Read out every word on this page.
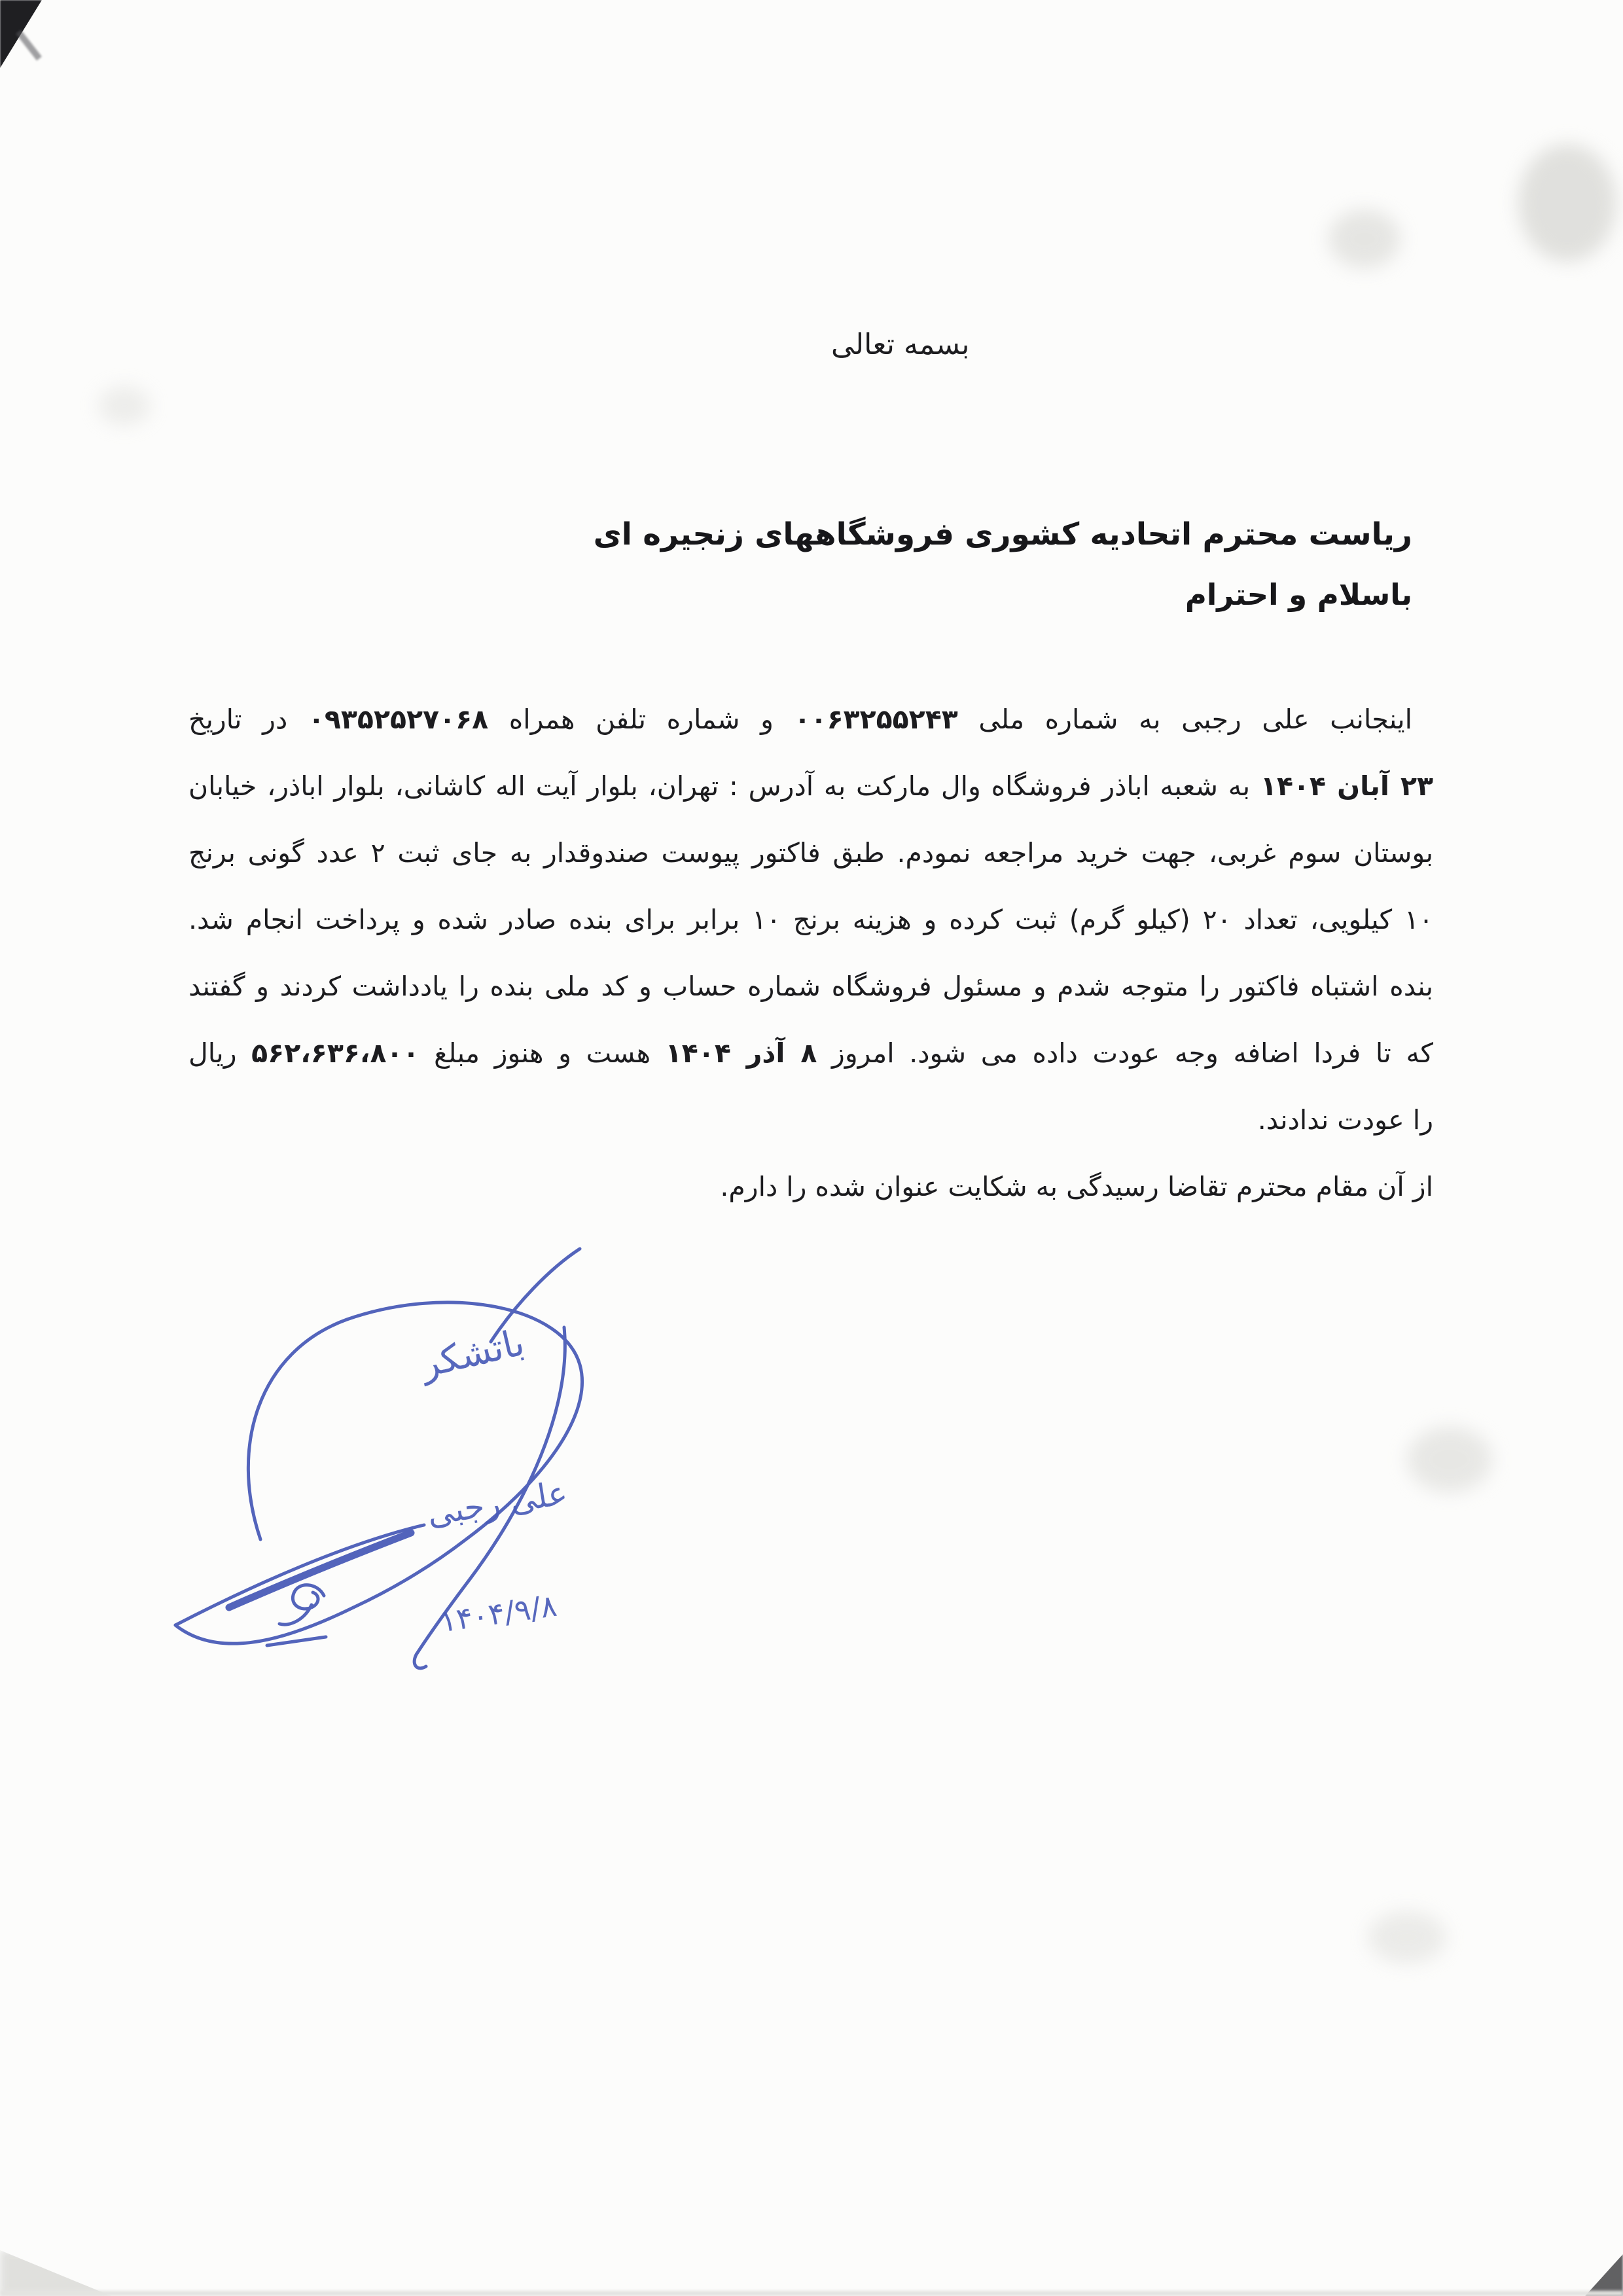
بسمه تعالی
ریاست محترم اتحادیه کشوری فروشگاههای زنجیره ای
باسلام و احترام
اینجانب علی رجبی به شماره ملی ۰۰۶۳۲۵۵۲۴۳ و شماره تلفن همراه ۰۹۳۵۲۵۲۷۰۶۸ در تاریخ
۲۳ آبان ۱۴۰۴ به شعبه اباذر فروشگاه وال مارکت به آدرس : تهران، بلوار آیت اله کاشانی، بلوار اباذر، خیابان
بوستان سوم غربی، جهت خرید مراجعه نمودم. طبق فاکتور پیوست صندوقدار به جای ثبت ۲ عدد گونی برنج
۱۰ کیلویی، تعداد ۲۰ (کیلو گرم) ثبت کرده و هزینه برنج ۱۰ برابر برای بنده صادر شده و پرداخت انجام شد.
بنده اشتباه فاکتور را متوجه شدم و مسئول فروشگاه شماره حساب و کد ملی بنده را یادداشت کردند و گفتند
که تا فردا اضافه وجه عودت داده می شود. امروز ۸ آذر ۱۴۰۴ هست و هنوز مبلغ ۵۶۲،۶۳۶،۸۰۰ ریال
را عودت ندادند.
از آن مقام محترم تقاضا رسیدگی به شکایت عنوان شده را دارم.
باتشکر
علی رجبی
۱۴۰۴/۹/۸
